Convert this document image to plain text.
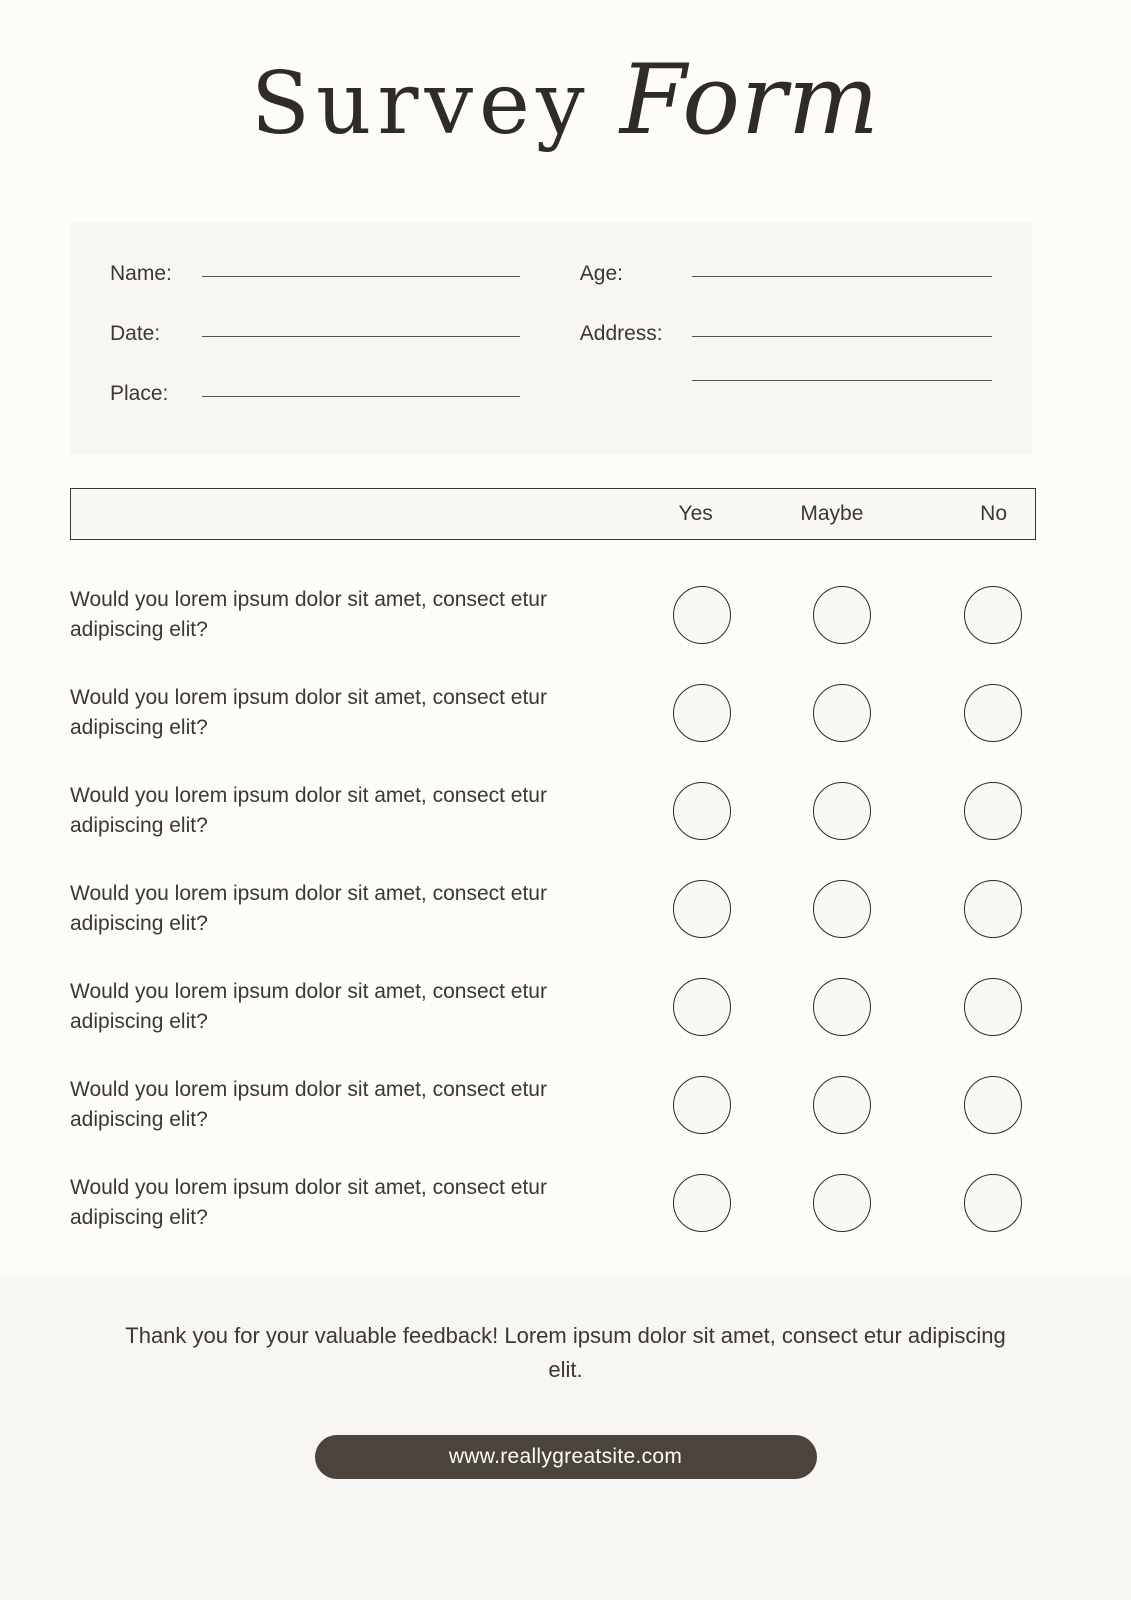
Survey Form
Name:	Age:
Date:	Address:
Place:
Yes	Maybe	No
Would you lorem ipsum dolor sit amet, consect etur adipiscing elit?
Would you lorem ipsum dolor sit amet, consect etur adipiscing elit?
Would you lorem ipsum dolor sit amet, consect etur adipiscing elit?
Would you lorem ipsum dolor sit amet, consect etur adipiscing elit?
Would you lorem ipsum dolor sit amet, consect etur adipiscing elit?
Would you lorem ipsum dolor sit amet, consect etur adipiscing elit?
Would you lorem ipsum dolor sit amet, consect etur adipiscing elit?
Thank you for your valuable feedback! Lorem ipsum dolor sit amet, consect etur adipiscing elit.
www.reallygreatsite.com
